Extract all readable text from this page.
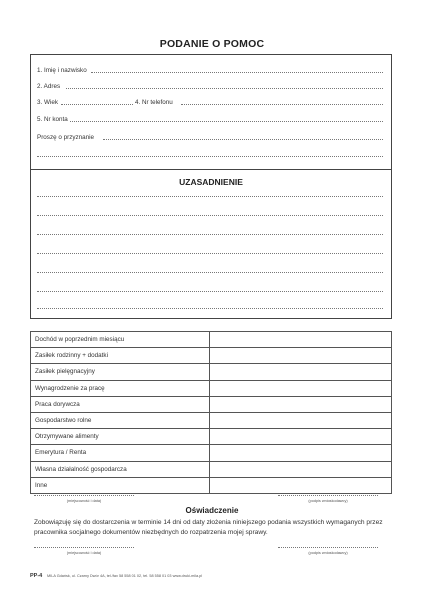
PODANIE O POMOC
1. Imię i nazwisko
2. Adres
3. Wiek	4. Nr telefonu
5. Nr konta
Proszę o przyznanie
UZASADNIENIE
Dochód w poprzednim miesiącu	
Zasiłek rodzinny + dodatki	
Zasiłek pielęgnacyjny	
Wynagrodzenie za pracę	
Praca dorywcza	
Gospodarstwo rolne	
Otrzymywane alimenty	
Emerytura / Renta	
Własna działalność gospodarcza	
Inne	
(miejscowość i data)	(podpis wnioskodawcy)
Oświadczenie
Zobowiązuję się do dostarczenia w terminie 14 dni od daty złożenia niniejszego podania wszystkich wymaganych przez
pracownika socjalnego dokumentów niezbędnych do rozpatrzenia mojej sprawy.
(miejscowość i data)	(podpis wnioskodawcy)
PP-4 MILA Gdańsk, ul. Czarny Dwór 4A, tel./fax 58 558 01 02, tel. 58 558 01 03 www.druki-mila.pl
